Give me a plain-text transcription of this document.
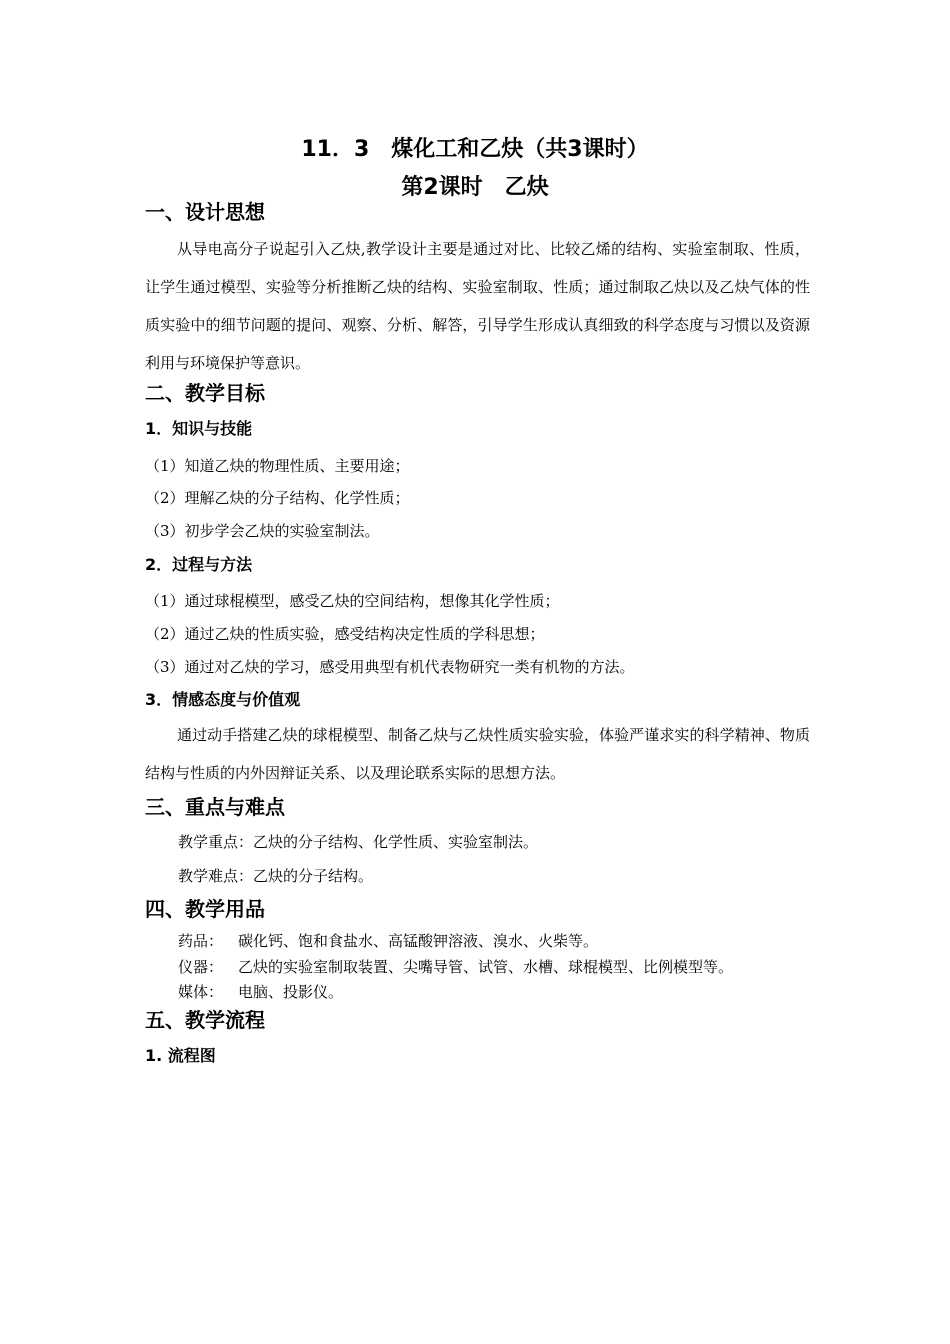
11．3　煤化工和乙炔（共3课时）
第2课时　乙炔
一、设计思想
从导电高分子说起引入乙炔,教学设计主要是通过对比、比较乙烯的结构、实验室制取、性质，让学生通过模型、实验等分析推断乙炔的结构、实验室制取、性质；通过制取乙炔以及乙炔气体的性质实验中的细节问题的提问、观察、分析、解答，引导学生形成认真细致的科学态度与习惯以及资源利用与环境保护等意识。
二、教学目标
1．知识与技能
（1）知道乙炔的物理性质、主要用途；
（2）理解乙炔的分子结构、化学性质；
（3）初步学会乙炔的实验室制法。
2．过程与方法
（1）通过球棍模型，感受乙炔的空间结构，想像其化学性质；
（2）通过乙炔的性质实验，感受结构决定性质的学科思想；
（3）通过对乙炔的学习，感受用典型有机代表物研究一类有机物的方法。
3．情感态度与价值观
通过动手搭建乙炔的球棍模型、制备乙炔与乙炔性质实验实验，体验严谨求实的科学精神、物质结构与性质的内外因辩证关系、以及理论联系实际的思想方法。
三、重点与难点
教学重点：乙炔的分子结构、化学性质、实验室制法。
教学难点：乙炔的分子结构。
四、教学用品
药品： 碳化钙、饱和食盐水、高锰酸钾溶液、溴水、火柴等。
仪器： 乙炔的实验室制取装置、尖嘴导管、试管、水槽、球棍模型、比例模型等。
媒体： 电脑、投影仪。
五、教学流程
1. 流程图
